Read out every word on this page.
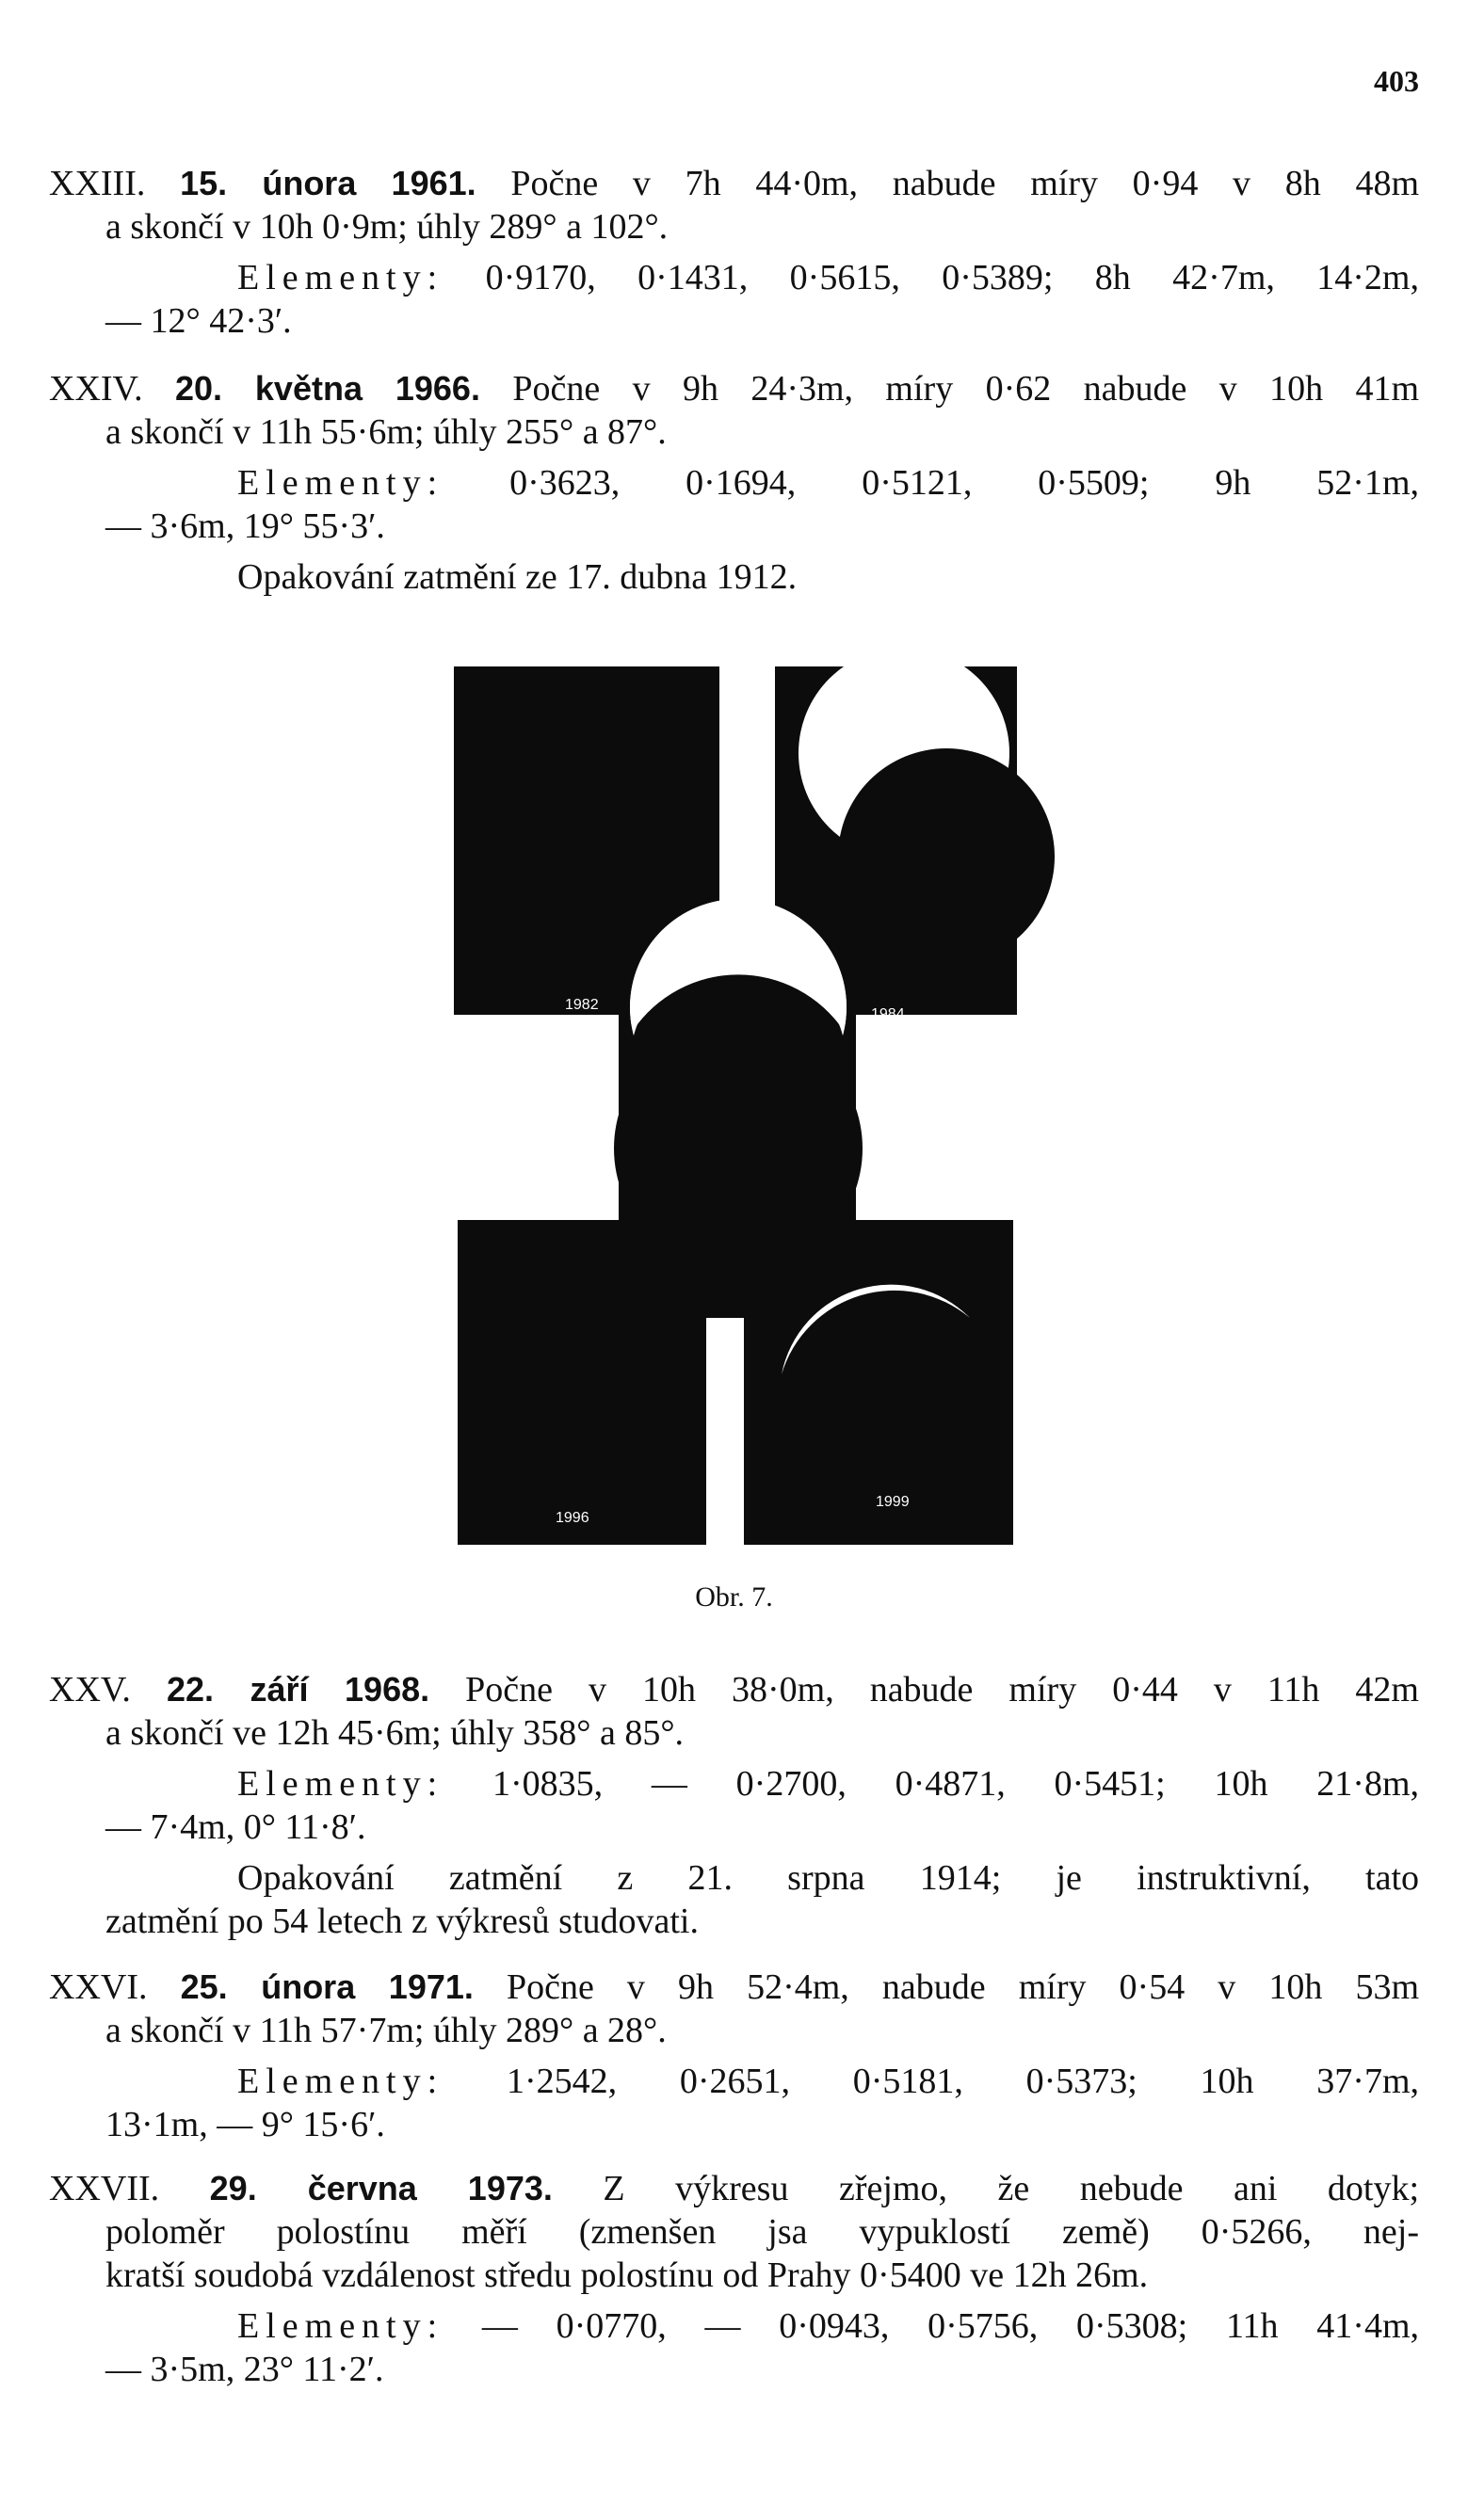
403
XXIII. 15. února 1961. Počne v 7h 44·0m, nabude míry 0·94 v 8h 48m
a skončí v 10h 0·9m; úhly 289° a 102°.
Elementy: 0·9170, 0·1431, 0·5615, 0·5389; 8h 42·7m, 14·2m,
— 12° 42·3′.
XXIV. 20. května 1966. Počne v 9h 24·3m, míry 0·62 nabude v 10h 41m
a skončí v 11h 55·6m; úhly 255° a 87°.
Elementy: 0·3623, 0·1694, 0·5121, 0·5509; 9h 52·1m,
— 3·6m, 19° 55·3′.
Opakování zatmění ze 17. dubna 1912.
1982
1984
1996
1999
Obr. 7.
XXV. 22. září 1968. Počne v 10h 38·0m, nabude míry 0·44 v 11h 42m
a skončí ve 12h 45·6m; úhly 358° a 85°.
Elementy: 1·0835, — 0·2700, 0·4871, 0·5451; 10h 21·8m,
— 7·4m, 0° 11·8′.
Opakování zatmění z 21. srpna 1914; je instruktivní, tato
zatmění po 54 letech z výkresů studovati.
XXVI. 25. února 1971. Počne v 9h 52·4m, nabude míry 0·54 v 10h 53m
a skončí v 11h 57·7m; úhly 289° a 28°.
Elementy: 1·2542, 0·2651, 0·5181, 0·5373; 10h 37·7m,
13·1m, — 9° 15·6′.
XXVII. 29. června 1973. Z výkresu zřejmo, že nebude ani dotyk;
poloměr polostínu měří (zmenšen jsa vypuklostí země) 0·5266, nej-
kratší soudobá vzdálenost středu polostínu od Prahy 0·5400 ve 12h 26m.
Elementy: — 0·0770, — 0·0943, 0·5756, 0·5308; 11h 41·4m,
— 3·5m, 23° 11·2′.
